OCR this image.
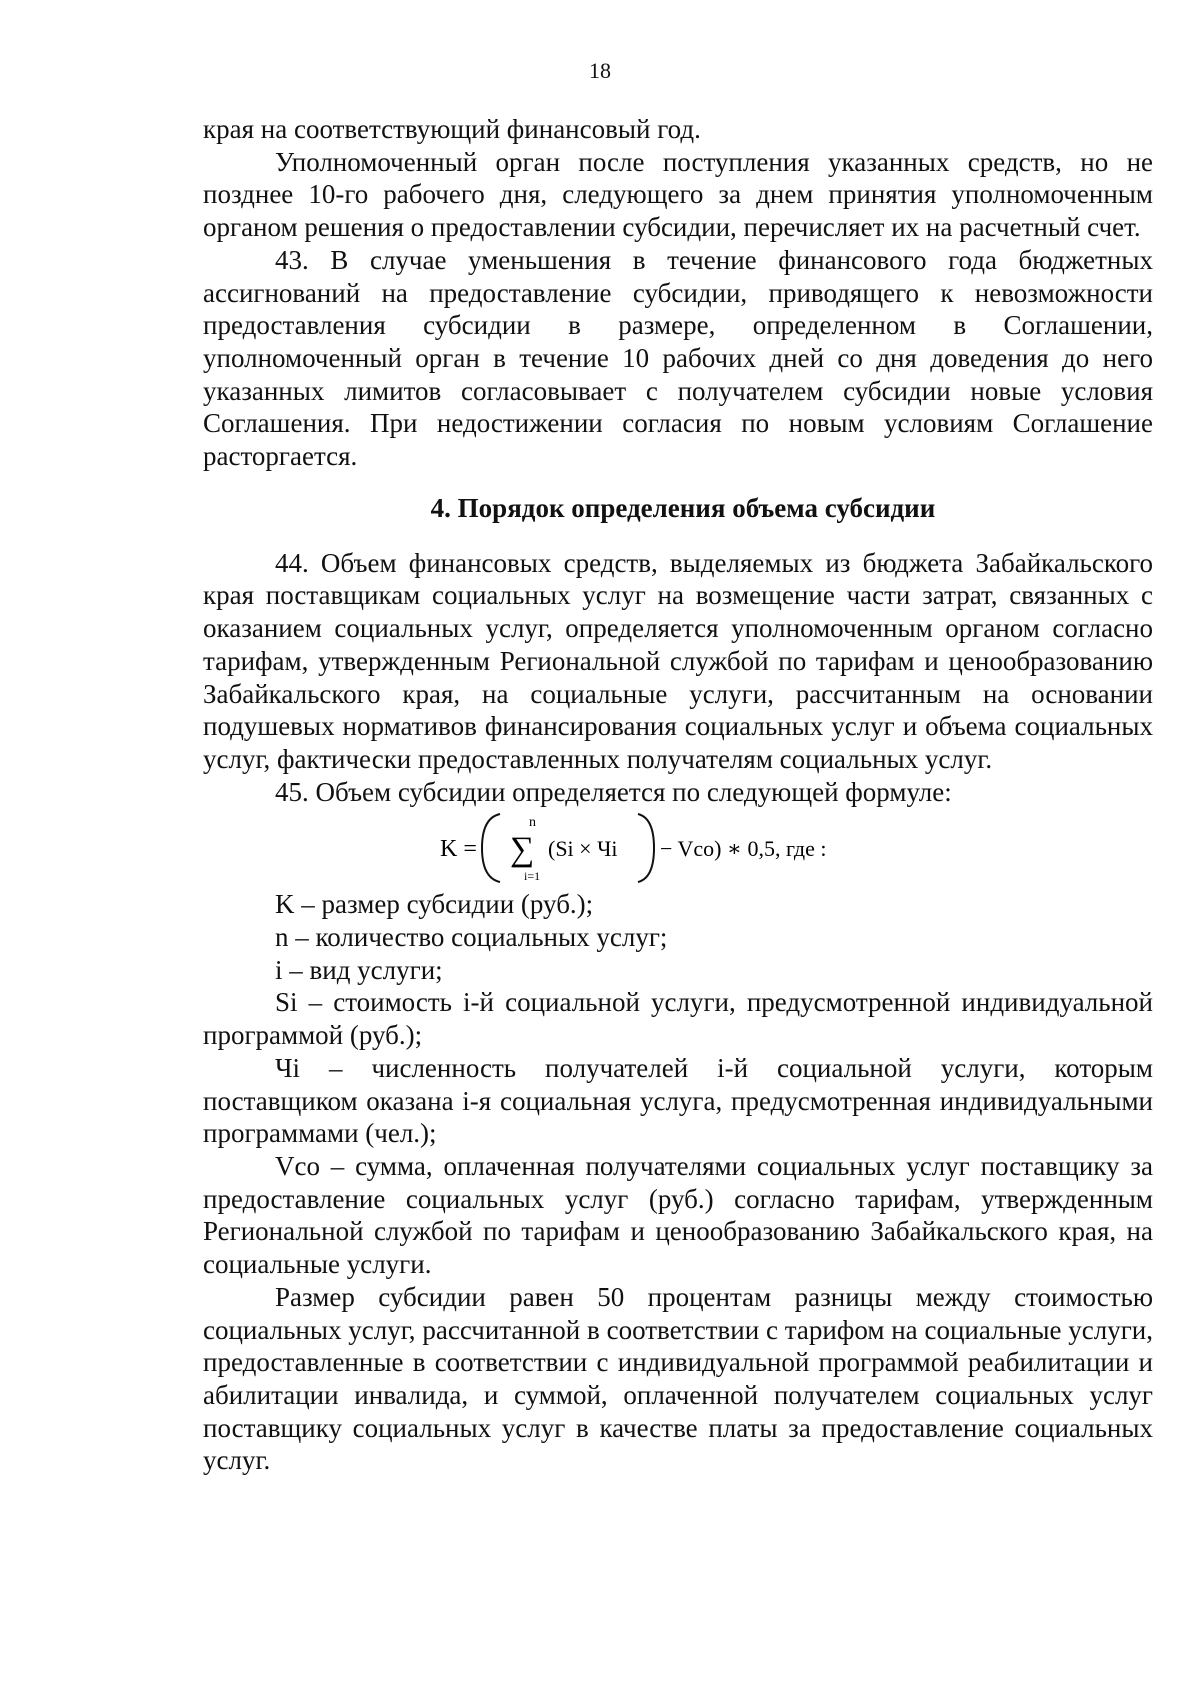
18

края на соответствующий финансовый год.

Уполномоченный орган после поступления указанных средств, но не позднее 10-го рабочего дня, следующего за днем принятия уполномоченным органом решения о предоставлении субсидии, перечисляет их на расчетный счет.

43. В случае уменьшения в течение финансового года бюджетных ассигнований на предоставление субсидии, приводящего к невозможности предоставления субсидии в размере, определенном в Соглашении, уполномоченный орган в течение 10 рабочих дней со дня доведения до него указанных лимитов согласовывает с получателем субсидии новые условия Соглашения. При недостижении согласия по новым условиям Соглашение расторгается.

4. Порядок определения объема субсидии

44. Объем финансовых средств, выделяемых из бюджета Забайкальского края поставщикам социальных услуг на возмещение части затрат, связанных с оказанием социальных услуг, определяется уполномоченным органом согласно тарифам, утвержденным Региональной службой по тарифам и ценообразованию Забайкальского края, на социальные услуги, рассчитанным на основании подушевых нормативов финансирования социальных услуг и объема социальных услуг, фактически предоставленных получателям социальных услуг.

45. Объем субсидии определяется по следующей формуле:

K =
n
∑
i=1
(Si × Чi − Vco) ∗ 0,5, где :

K – размер субсидии (руб.);

n – количество социальных услуг;

i – вид услуги;

Si – стоимость i-й социальной услуги, предусмотренной индивидуальной программой (руб.);

Чi – численность получателей i-й социальной услуги, которым поставщиком оказана i-я социальная услуга, предусмотренная индивидуальными программами (чел.);

Vco – сумма, оплаченная получателями социальных услуг поставщику за предоставление социальных услуг (руб.) согласно тарифам, утвержденным Региональной службой по тарифам и ценообразованию Забайкальского края, на социальные услуги.

Размер субсидии равен 50 процентам разницы между стоимостью социальных услуг, рассчитанной в соответствии с тарифом на социальные услуги, предоставленные в соответствии с индивидуальной программой реабилитации и абилитации инвалида, и суммой, оплаченной получателем социальных услуг поставщику социальных услуг в качестве платы за предоставление социальных услуг.
